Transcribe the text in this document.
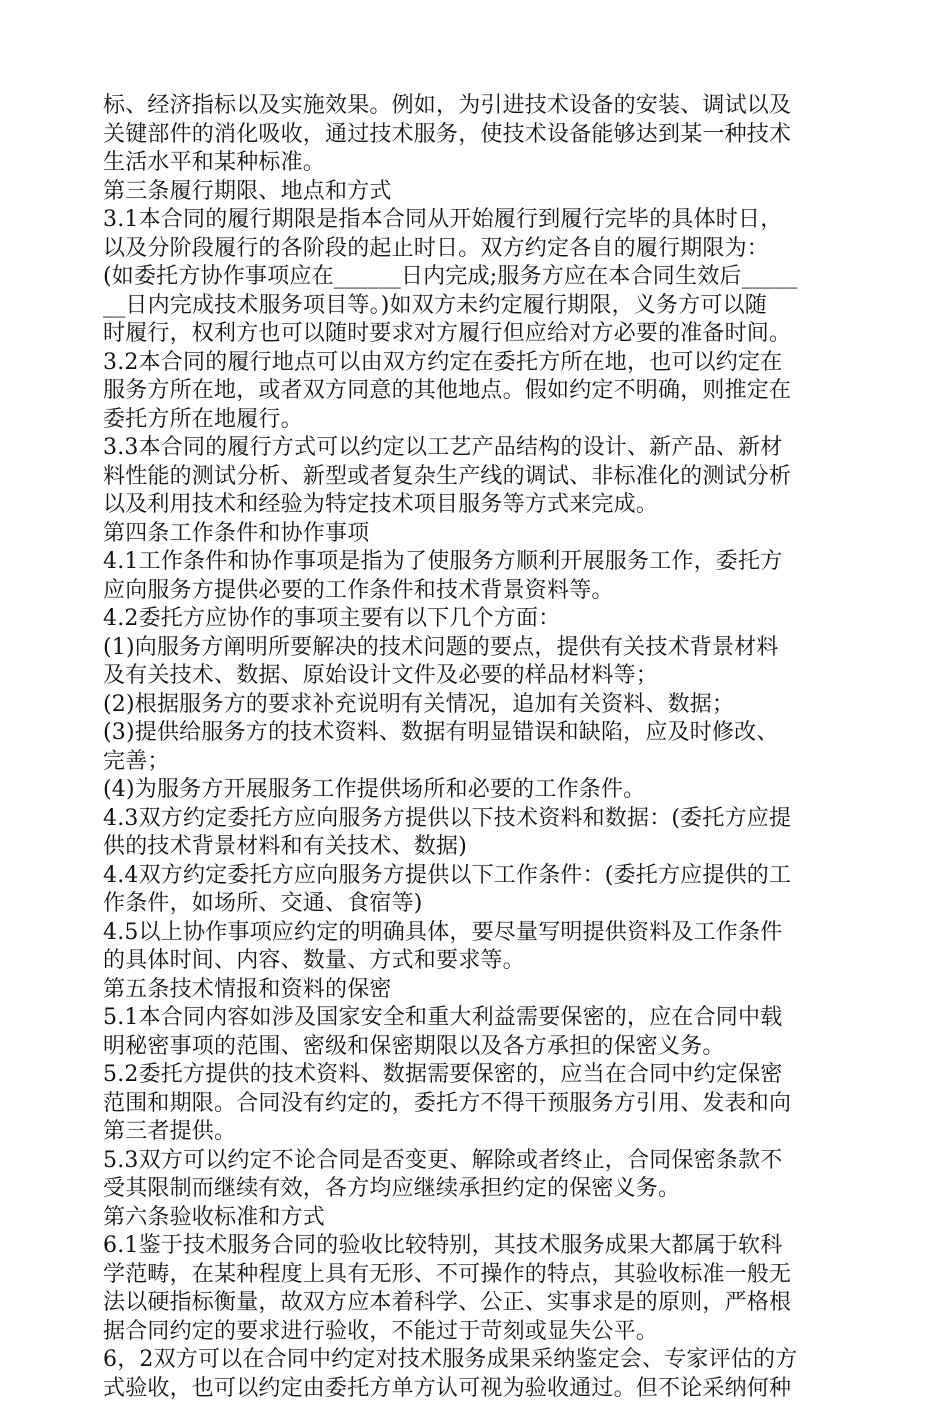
标、经济指标以及实施效果。例如，为引进技术设备的安装、调试以及
关键部件的消化吸收，通过技术服务，使技术设备能够达到某一种技术
生活水平和某种标准。
第三条履行期限、地点和方式
3.1本合同的履行期限是指本合同从开始履行到履行完毕的具体时日，
以及分阶段履行的各阶段的起止时日。双方约定各自的履行期限为：
(如委托方协作事项应在______日内完成;服务方应在本合同生效后_____
__日内完成技术服务项目等。)如双方未约定履行期限，义务方可以随
时履行，权利方也可以随时要求对方履行但应给对方必要的准备时间。
3.2本合同的履行地点可以由双方约定在委托方所在地，也可以约定在
服务方所在地，或者双方同意的其他地点。假如约定不明确，则推定在
委托方所在地履行。
3.3本合同的履行方式可以约定以工艺产品结构的设计、新产品、新材
料性能的测试分析、新型或者复杂生产线的调试、非标准化的测试分析
以及利用技术和经验为特定技术项目服务等方式来完成。
第四条工作条件和协作事项
4.1工作条件和协作事项是指为了使服务方顺利开展服务工作，委托方
应向服务方提供必要的工作条件和技术背景资料等。
4.2委托方应协作的事项主要有以下几个方面：
(1)向服务方阐明所要解决的技术问题的要点，提供有关技术背景材料
及有关技术、数据、原始设计文件及必要的样品材料等；
(2)根据服务方的要求补充说明有关情况，追加有关资料、数据；
(3)提供给服务方的技术资料、数据有明显错误和缺陷，应及时修改、
完善；
(4)为服务方开展服务工作提供场所和必要的工作条件。
4.3双方约定委托方应向服务方提供以下技术资料和数据：(委托方应提
供的技术背景材料和有关技术、数据)
4.4双方约定委托方应向服务方提供以下工作条件：(委托方应提供的工
作条件，如场所、交通、食宿等)
4.5以上协作事项应约定的明确具体，要尽量写明提供资料及工作条件
的具体时间、内容、数量、方式和要求等。
第五条技术情报和资料的保密
5.1本合同内容如涉及国家安全和重大利益需要保密的，应在合同中载
明秘密事项的范围、密级和保密期限以及各方承担的保密义务。
5.2委托方提供的技术资料、数据需要保密的，应当在合同中约定保密
范围和期限。合同没有约定的，委托方不得干预服务方引用、发表和向
第三者提供。
5.3双方可以约定不论合同是否变更、解除或者终止，合同保密条款不
受其限制而继续有效，各方均应继续承担约定的保密义务。
第六条验收标准和方式
6.1鉴于技术服务合同的验收比较特别，其技术服务成果大都属于软科
学范畴，在某种程度上具有无形、不可操作的特点，其验收标准一般无
法以硬指标衡量，故双方应本着科学、公正、实事求是的原则，严格根
据合同约定的要求进行验收，不能过于苛刻或显失公平。
6，2双方可以在合同中约定对技术服务成果采纳鉴定会、专家评估的方
式验收，也可以约定由委托方单方认可视为验收通过。但不论采纳何种
